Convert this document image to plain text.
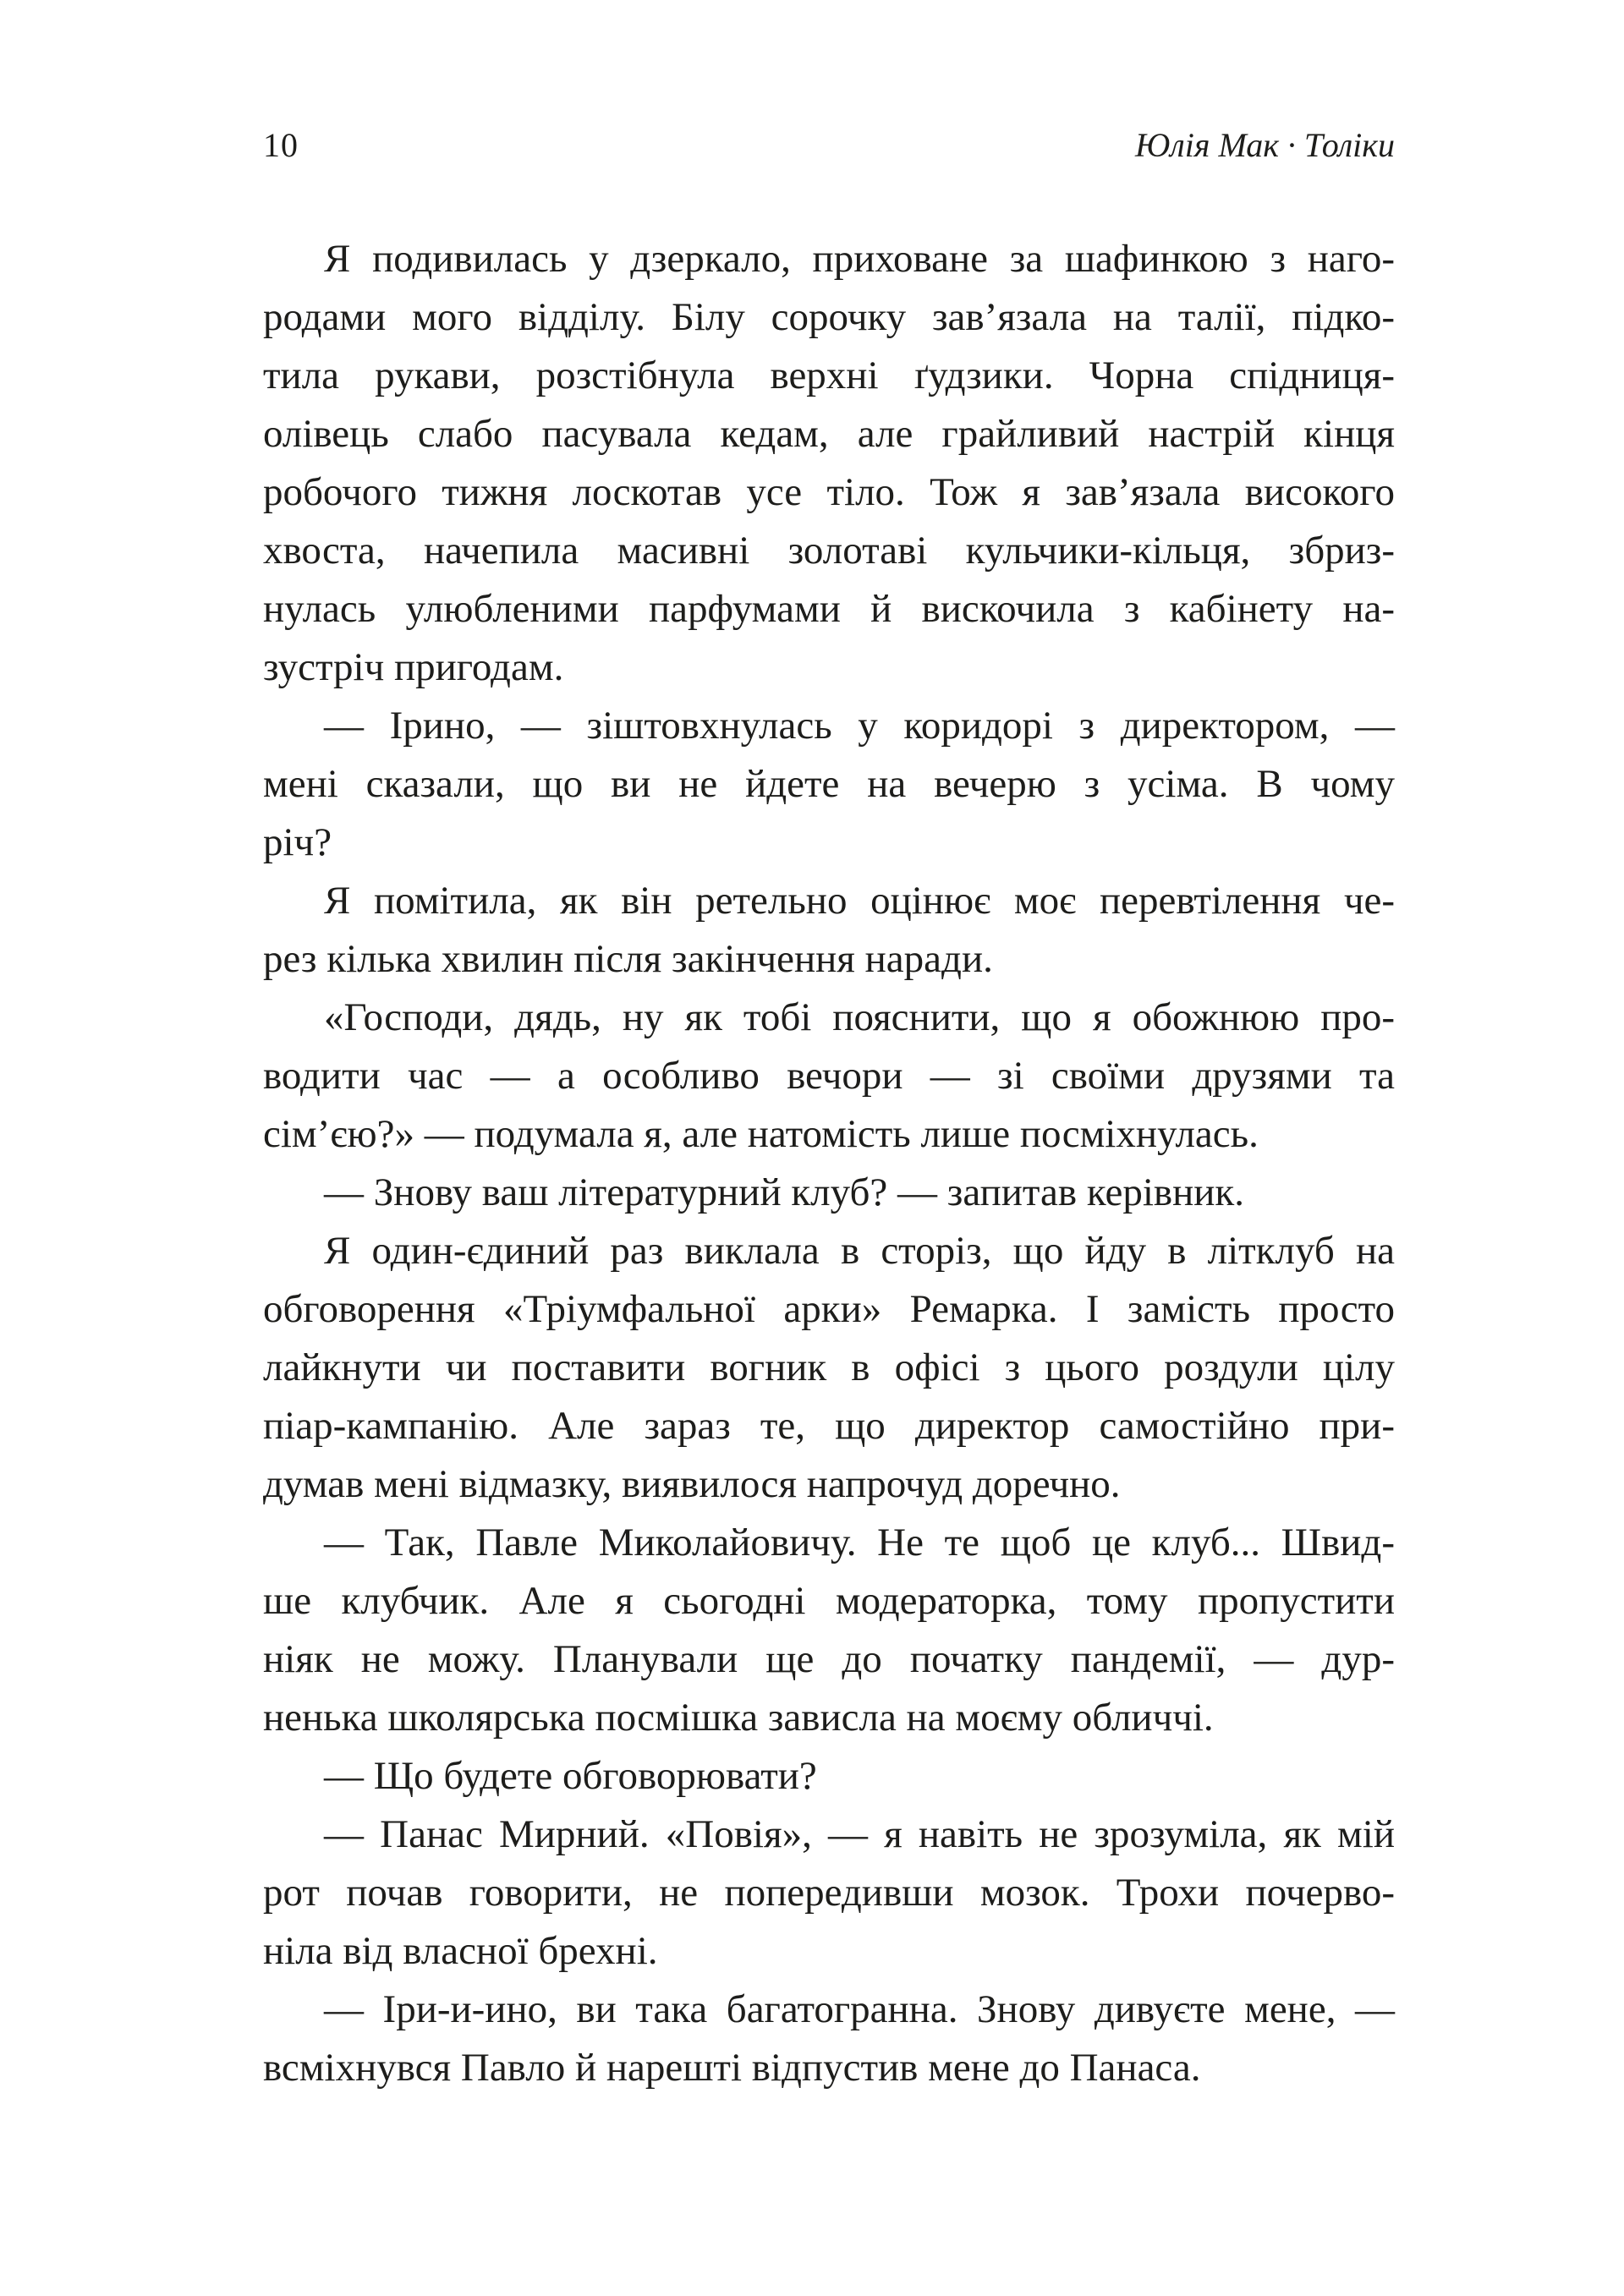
10	Юлія Мак · Толіки

Я подивилась у дзеркало, приховане за шафинкою з наго-
родами мого відділу. Білу сорочку зав’язала на талії, підко-
тила рукави, розстібнула верхні ґудзики. Чорна спідниця-
олівець слабо пасувала кедам, але грайливий настрій кінця
робочого тижня лоскотав усе тіло. Тож я зав’язала високого
хвоста, начепила масивні золотаві кульчики-кільця, збриз-
нулась улюбленими парфумами й вискочила з кабінету на-
зустріч пригодам.

— Ірино, — зіштовхнулась у коридорі з директором, —
мені сказали, що ви не йдете на вечерю з усіма. В чому
річ?

Я помітила, як він ретельно оцінює моє перевтілення че-
рез кілька хвилин після закінчення наради.

«Господи, дядь, ну як тобі пояснити, що я обожнюю про-
водити час — а особливо вечори — зі своїми друзями та
сім’єю?» — подумала я, але натомість лише посміхнулась.

— Знову ваш літературний клуб? — запитав керівник.

Я один-єдиний раз виклала в сторіз, що йду в літклуб на
обговорення «Тріумфальної арки» Ремарка. І замість просто
лайкнути чи поставити вогник в офісі з цього роздули цілу
піар-кампанію. Але зараз те, що директор самостійно при-
думав мені відмазку, виявилося напрочуд доречно.

— Так, Павле Миколайовичу. Не те щоб це клуб... Швид-
ше клубчик. Але я сьогодні модераторка, тому пропустити
ніяк не можу. Планували ще до початку пандемії, — дур-
ненька школярська посмішка зависла на моєму обличчі.

— Що будете обговорювати?

— Панас Мирний. «Повія», — я навіть не зрозуміла, як мій
рот почав говорити, не попередивши мозок. Трохи почерво-
ніла від власної брехні.

— Іри-и-ино, ви така багатогранна. Знову дивуєте мене, —
всміхнувся Павло й нарешті відпустив мене до Панаса.
